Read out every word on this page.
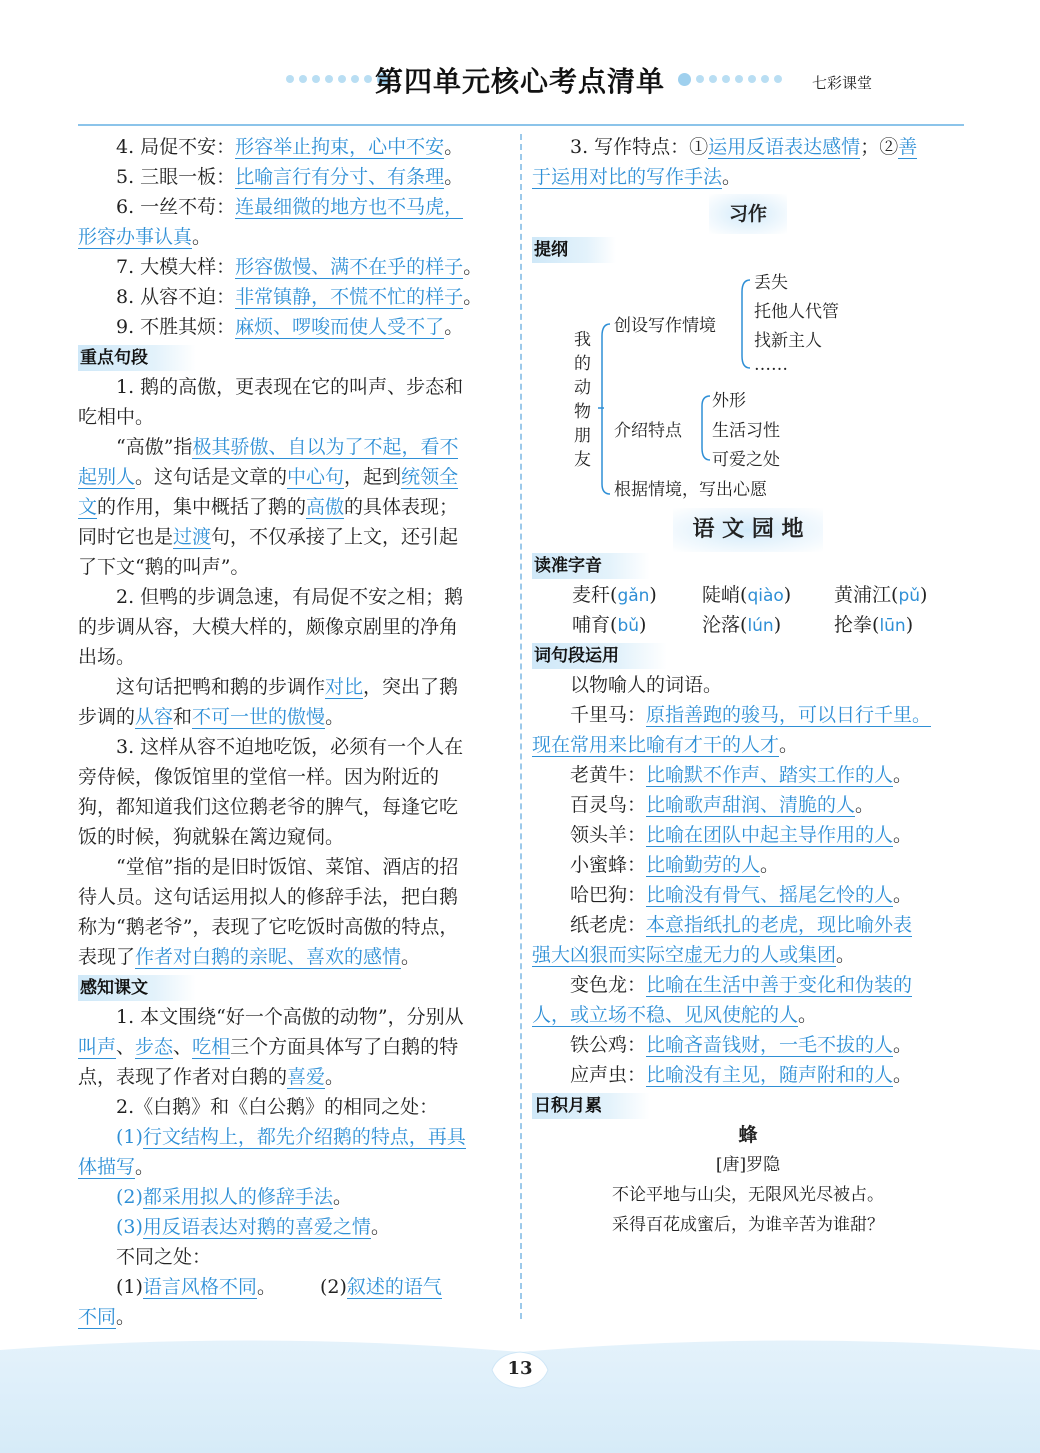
第四单元核心考点清单	七彩课堂
4. 局促不安：形容举止拘束，心中不安。
5. 三眼一板：比喻言行有分寸、有条理。
6. 一丝不苟：连最细微的地方也不马虎，
形容办事认真。
7. 大模大样：形容傲慢、满不在乎的样子。
8. 从容不迫：非常镇静，不慌不忙的样子。
9. 不胜其烦：麻烦、啰唆而使人受不了。
重点句段
1. 鹅的高傲，更表现在它的叫声、步态和
吃相中。
“高傲”指极其骄傲、自以为了不起，看不
起别人。这句话是文章的中心句，起到统领全
文的作用，集中概括了鹅的高傲的具体表现；
同时它也是过渡句，不仅承接了上文，还引起
了下文“鹅的叫声”。
2. 但鸭的步调急速，有局促不安之相；鹅
的步调从容，大模大样的，颇像京剧里的净角
出场。
这句话把鸭和鹅的步调作对比，突出了鹅
步调的从容和不可一世的傲慢。
3. 这样从容不迫地吃饭，必须有一个人在
旁侍候，像饭馆里的堂倌一样。因为附近的
狗，都知道我们这位鹅老爷的脾气，每逢它吃
饭的时候，狗就躲在篱边窥伺。
“堂倌”指的是旧时饭馆、菜馆、酒店的招
待人员。这句话运用拟人的修辞手法，把白鹅
称为“鹅老爷”，表现了它吃饭时高傲的特点，
表现了作者对白鹅的亲昵、喜欢的感情。
感知课文
1. 本文围绕“好一个高傲的动物”，分别从
叫声、步态、吃相三个方面具体写了白鹅的特
点，表现了作者对白鹅的喜爱。
2.《白鹅》和《白公鹅》的相同之处：
(1)行文结构上，都先介绍鹅的特点，再具
体描写。
(2)都采用拟人的修辞手法。
(3)用反语表达对鹅的喜爱之情。
不同之处：
(1)语言风格不同。 (2)叙述的语气
不同。
3. 写作特点：①运用反语表达感情；②善
于运用对比的写作手法。
习作
提纲
我
的
动
物
朋
友
创设写作情境
丢失
托他人代管
找新主人
……
介绍特点
外形
生活习性
可爱之处
根据情境，写出心愿
语 文 园 地
读准字音
麦秆(gǎn) 陡峭(qiào) 黄浦江(pǔ)
哺育(bǔ)	沦落(lún)	抡拳(lūn)
词句段运用
以物喻人的词语。
千里马：原指善跑的骏马，可以日行千里。
现在常用来比喻有才干的人才。
老黄牛：比喻默不作声、踏实工作的人。
百灵鸟：比喻歌声甜润、清脆的人。
领头羊：比喻在团队中起主导作用的人。
小蜜蜂：比喻勤劳的人。
哈巴狗：比喻没有骨气、摇尾乞怜的人。
纸老虎：本意指纸扎的老虎，现比喻外表
强大凶狠而实际空虚无力的人或集团。
变色龙：比喻在生活中善于变化和伪装的
人，或立场不稳、见风使舵的人。
铁公鸡：比喻吝啬钱财，一毛不拔的人。
应声虫：比喻没有主见，随声附和的人。
日积月累
蜂
[唐]罗隐
不论平地与山尖，无限风光尽被占。
采得百花成蜜后，为谁辛苦为谁甜？
13
